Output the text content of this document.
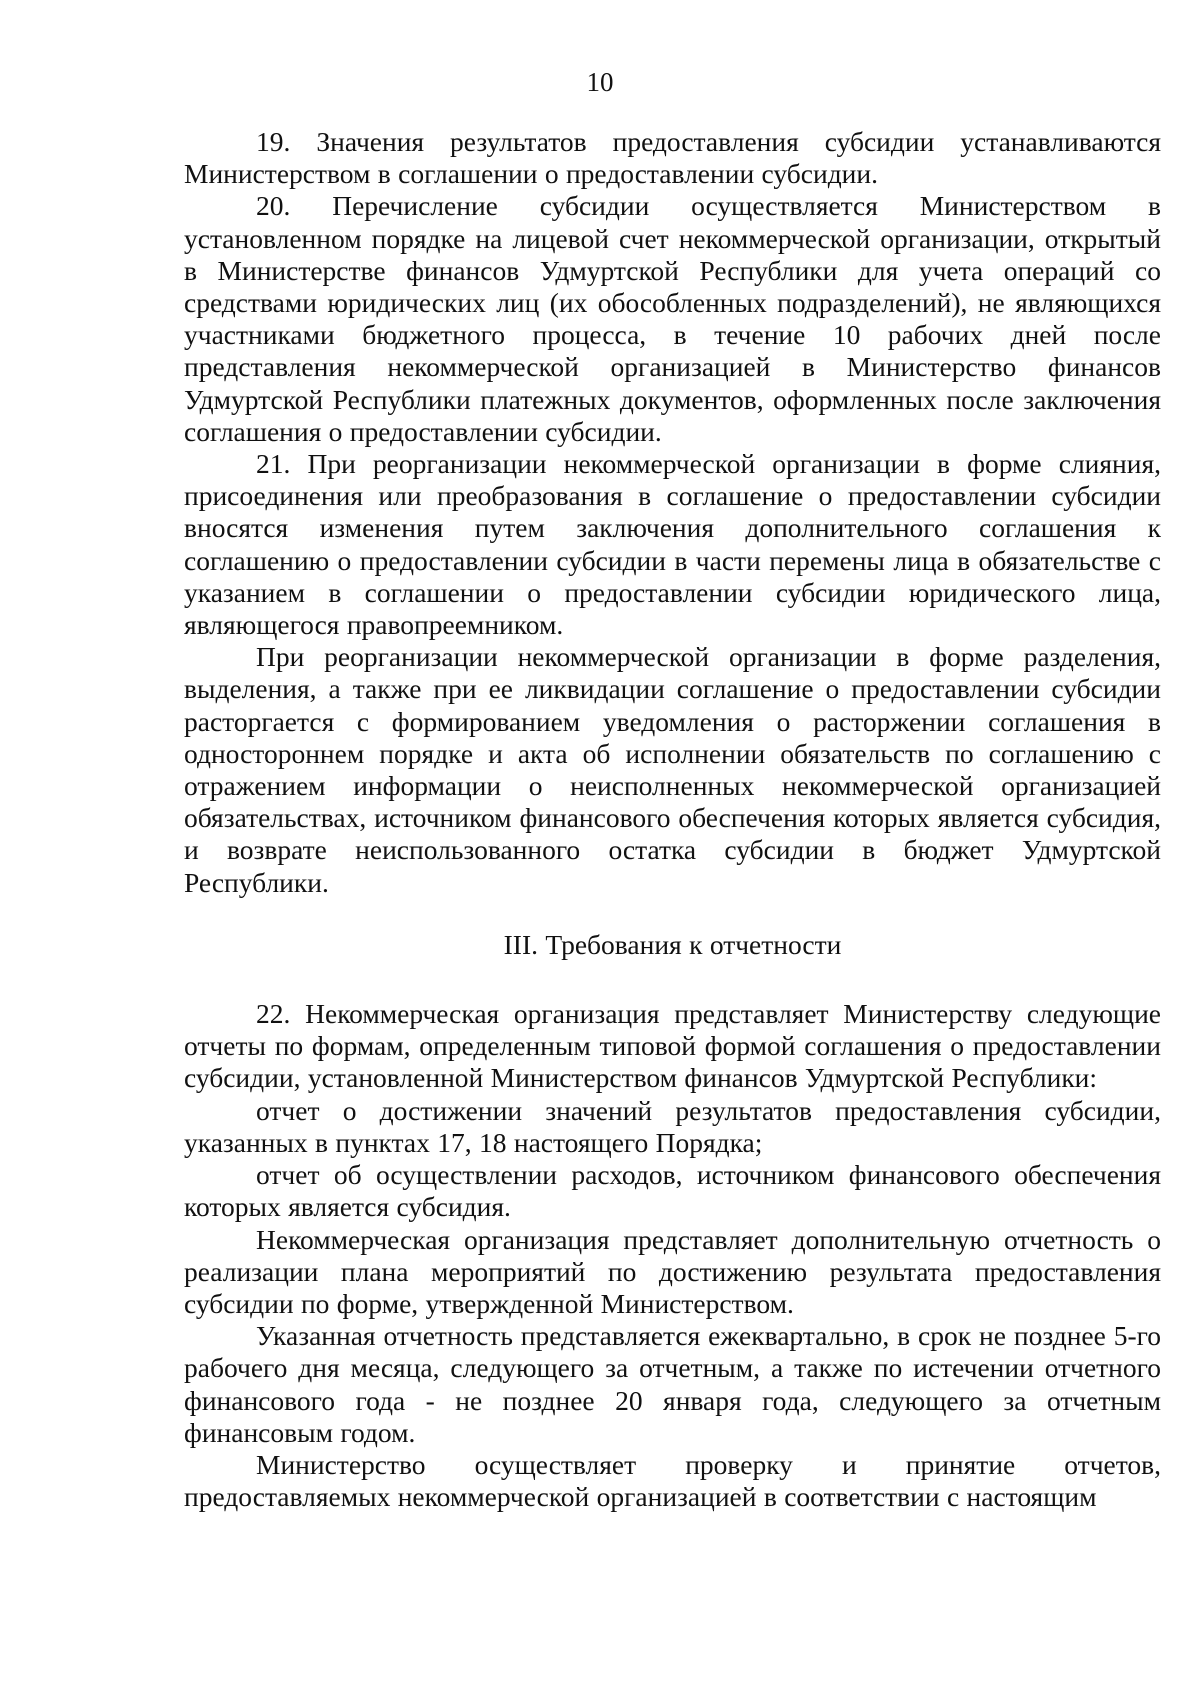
10

19. Значения результатов предоставления субсидии устанавливаются Министерством в соглашении о предоставлении субсидии.

20. Перечисление субсидии осуществляется Министерством в установленном порядке на лицевой счет некоммерческой организации, открытый в Министерстве финансов Удмуртской Республики для учета операций со средствами юридических лиц (их обособленных подразделений), не являющихся участниками бюджетного процесса, в течение 10 рабочих дней после представления некоммерческой организацией в Министерство финансов Удмуртской Республики платежных документов, оформленных после заключения соглашения о предоставлении субсидии.

21. При реорганизации некоммерческой организации в форме слияния, присоединения или преобразования в соглашение о предоставлении субсидии вносятся изменения путем заключения дополнительного соглашения к соглашению о предоставлении субсидии в части перемены лица в обязательстве с указанием в соглашении о предоставлении субсидии юридического лица, являющегося правопреемником.

При реорганизации некоммерческой организации в форме разделения, выделения, а также при ее ликвидации соглашение о предоставлении субсидии расторгается с формированием уведомления о расторжении соглашения в одностороннем порядке и акта об исполнении обязательств по соглашению с отражением информации о неисполненных некоммерческой организацией обязательствах, источником финансового обеспечения которых является субсидия, и возврате неиспользованного остатка субсидии в бюджет Удмуртской Республики.

III. Требования к отчетности

22. Некоммерческая организация представляет Министерству следующие отчеты по формам, определенным типовой формой соглашения о предоставлении субсидии, установленной Министерством финансов Удмуртской Республики:

отчет о достижении значений результатов предоставления субсидии, указанных в пунктах 17, 18 настоящего Порядка;

отчет об осуществлении расходов, источником финансового обеспечения которых является субсидия.

Некоммерческая организация представляет дополнительную отчетность о реализации плана мероприятий по достижению результата предоставления субсидии по форме, утвержденной Министерством.

Указанная отчетность представляется ежеквартально, в срок не позднее 5-го рабочего дня месяца, следующего за отчетным, а также по истечении отчетного финансового года - не позднее 20 января года, следующего за отчетным финансовым годом.

Министерство осуществляет проверку и принятие отчетов, предоставляемых некоммерческой организацией в соответствии с настоящим
